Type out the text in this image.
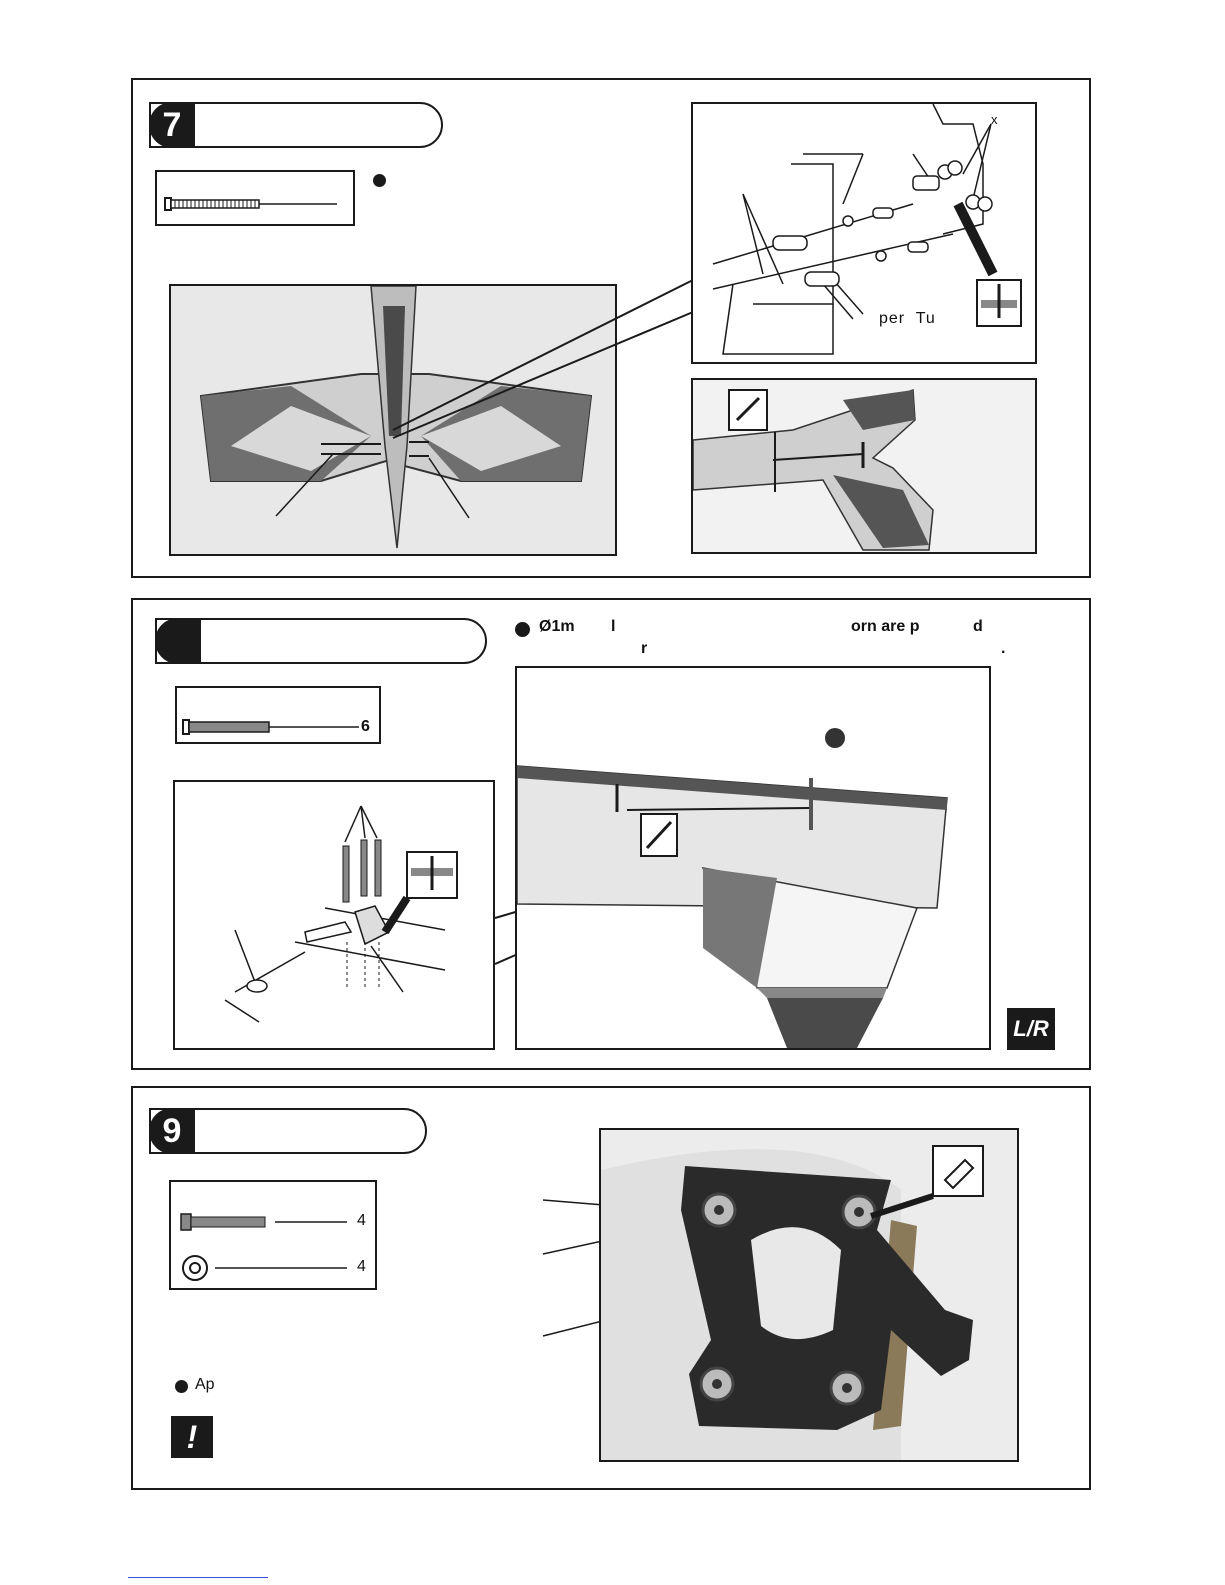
7	x
per  Tu
Ø1m l	orn are p	d
r	.
6
L/R
9
4
4
Ap
!
